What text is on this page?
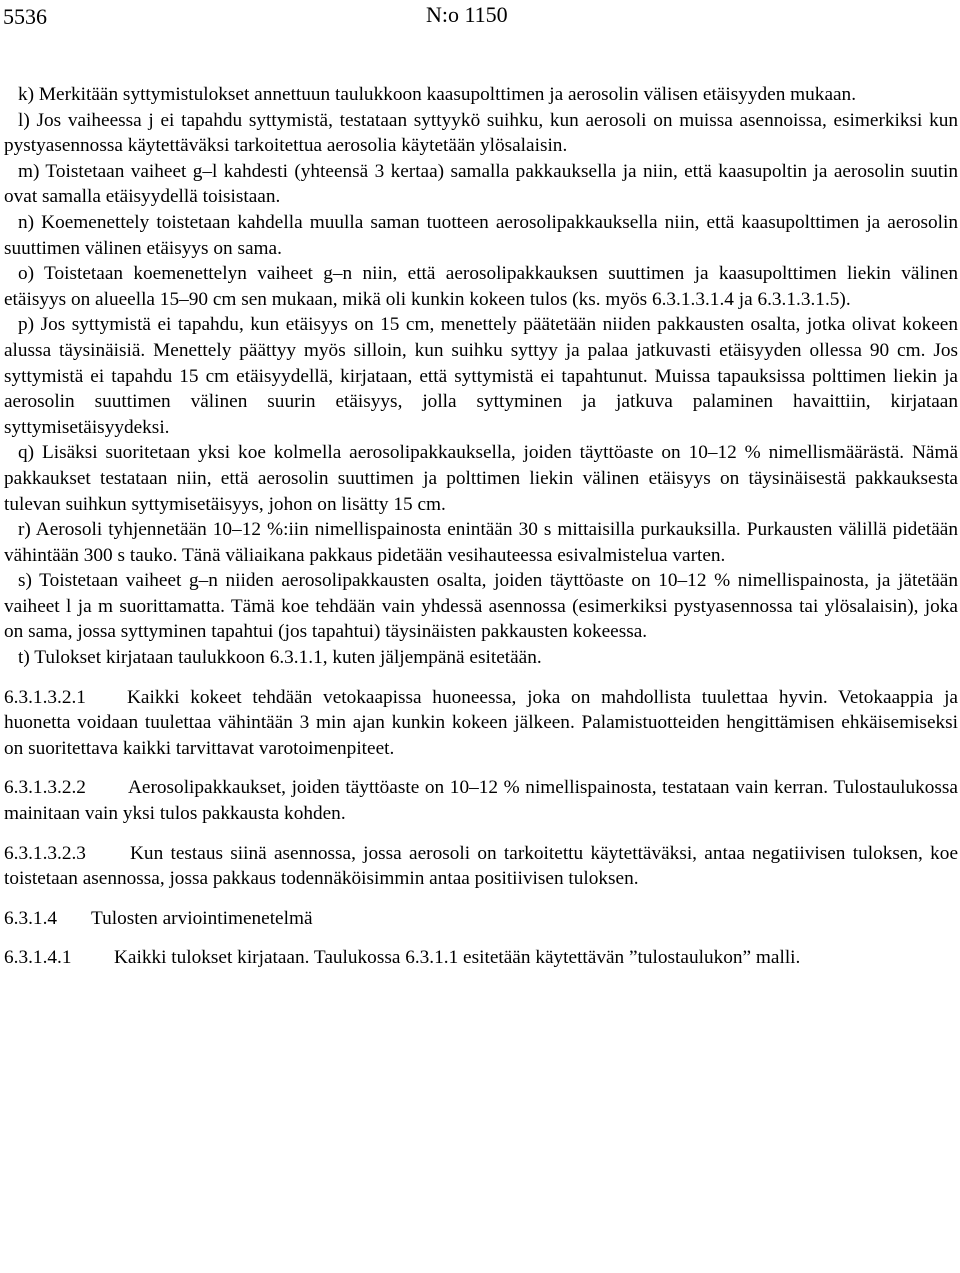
5536	N:o 1150

k) Merkitään syttymistulokset annettuun taulukkoon kaasupolttimen ja aerosolin välisen etäisyyden mukaan.

l) Jos vaiheessa j ei tapahdu syttymistä, testataan syttyykö suihku, kun aerosoli on muissa asennoissa, esimerkiksi kun pystyasennossa käytettäväksi tarkoitettua aerosolia käytetään ylösalaisin.

m) Toistetaan vaiheet g–l kahdesti (yhteensä 3 kertaa) samalla pakkauksella ja niin, että kaasupoltin ja aerosolin suutin ovat samalla etäisyydellä toisistaan.

n) Koemenettely toistetaan kahdella muulla saman tuotteen aerosolipakkauksella niin, että kaasupolttimen ja aerosolin suuttimen välinen etäisyys on sama.

o) Toistetaan koemenettelyn vaiheet g–n niin, että aerosolipakkauksen suuttimen ja kaasupolttimen liekin välinen etäisyys on alueella 15–90 cm sen mukaan, mikä oli kunkin kokeen tulos (ks. myös 6.3.1.3.1.4 ja 6.3.1.3.1.5).

p) Jos syttymistä ei tapahdu, kun etäisyys on 15 cm, menettely päätetään niiden pakkausten osalta, jotka olivat kokeen alussa täysinäisiä. Menettely päättyy myös silloin, kun suihku syttyy ja palaa jatkuvasti etäisyyden ollessa 90 cm. Jos syttymistä ei tapahdu 15 cm etäisyydellä, kirjataan, että syttymistä ei tapahtunut. Muissa tapauksissa polttimen liekin ja aerosolin suuttimen välinen suurin etäisyys, jolla syttyminen ja jatkuva palaminen havaittiin, kirjataan syttymisetäisyydeksi.

q) Lisäksi suoritetaan yksi koe kolmella aerosolipakkauksella, joiden täyttöaste on 10–12 % nimellismäärästä. Nämä pakkaukset testataan niin, että aerosolin suuttimen ja polttimen liekin välinen etäisyys on täysinäisestä pakkauksesta tulevan suihkun syttymisetäisyys, johon on lisätty 15 cm.

r) Aerosoli tyhjennetään 10–12 %:iin nimellispainosta enintään 30 s mittaisilla purkauksilla. Purkausten välillä pidetään vähintään 300 s tauko. Tänä väliaikana pakkaus pidetään vesihauteessa esivalmistelua varten.

s) Toistetaan vaiheet g–n niiden aerosolipakkausten osalta, joiden täyttöaste on 10–12 % nimellispainosta, ja jätetään vaiheet l ja m suorittamatta. Tämä koe tehdään vain yhdessä asennossa (esimerkiksi pystyasennossa tai ylösalaisin), joka on sama, jossa syttyminen tapahtui (jos tapahtui) täysinäisten pakkausten kokeessa.

t) Tulokset kirjataan taulukkoon 6.3.1.1, kuten jäljempänä esitetään.

6.3.1.3.2.1 Kaikki kokeet tehdään vetokaapissa huoneessa, joka on mahdollista tuulettaa hyvin. Vetokaappia ja huonetta voidaan tuulettaa vähintään 3 min ajan kunkin kokeen jälkeen. Palamistuotteiden hengittämisen ehkäisemiseksi on suoritettava kaikki tarvittavat varotoimenpiteet.

6.3.1.3.2.2 Aerosolipakkaukset, joiden täyttöaste on 10–12 % nimellispainosta, testataan vain kerran. Tulostaulukossa mainitaan vain yksi tulos pakkausta kohden.

6.3.1.3.2.3 Kun testaus siinä asennossa, jossa aerosoli on tarkoitettu käytettäväksi, antaa negatiivisen tuloksen, koe toistetaan asennossa, jossa pakkaus todennäköisimmin antaa positiivisen tuloksen.

6.3.1.4 Tulosten arviointimenetelmä

6.3.1.4.1 Kaikki tulokset kirjataan. Taulukossa 6.3.1.1 esitetään käytettävän ”tulostaulukon” malli.
